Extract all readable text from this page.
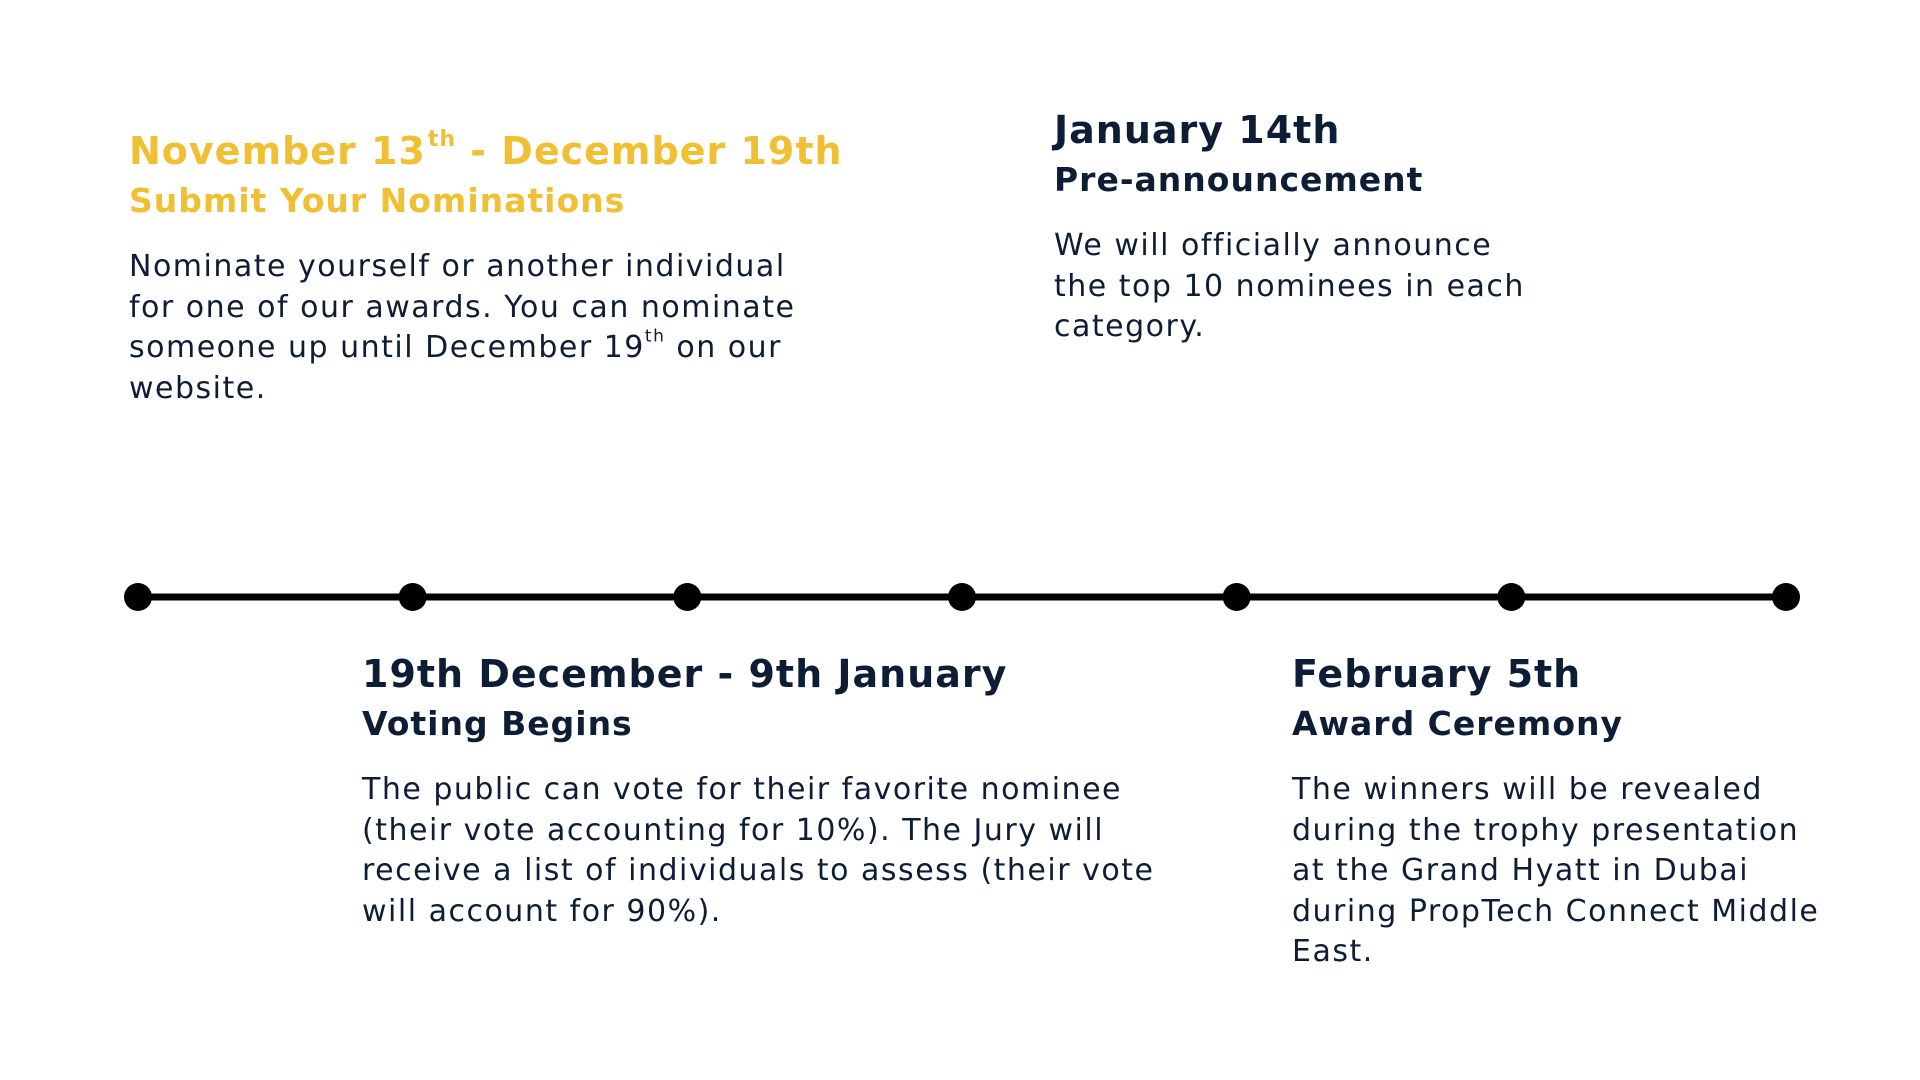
November 13th - December 19th
Submit Your Nominations

Nominate yourself or another individual

for one of our awards. You can nominate

someone up until December 19th on our

website.

January 14th
Pre-announcement

We will officially announce

the top 10 nominees in each

category.

19th December - 9th January
Voting Begins

The public can vote for their favorite nominee

(their vote accounting for 10%). The Jury will

receive a list of individuals to assess (their vote

will account for 90%).

February 5th
Award Ceremony

The winners will be revealed

during the trophy presentation

at the Grand Hyatt in Dubai

during PropTech Connect Middle

East.
